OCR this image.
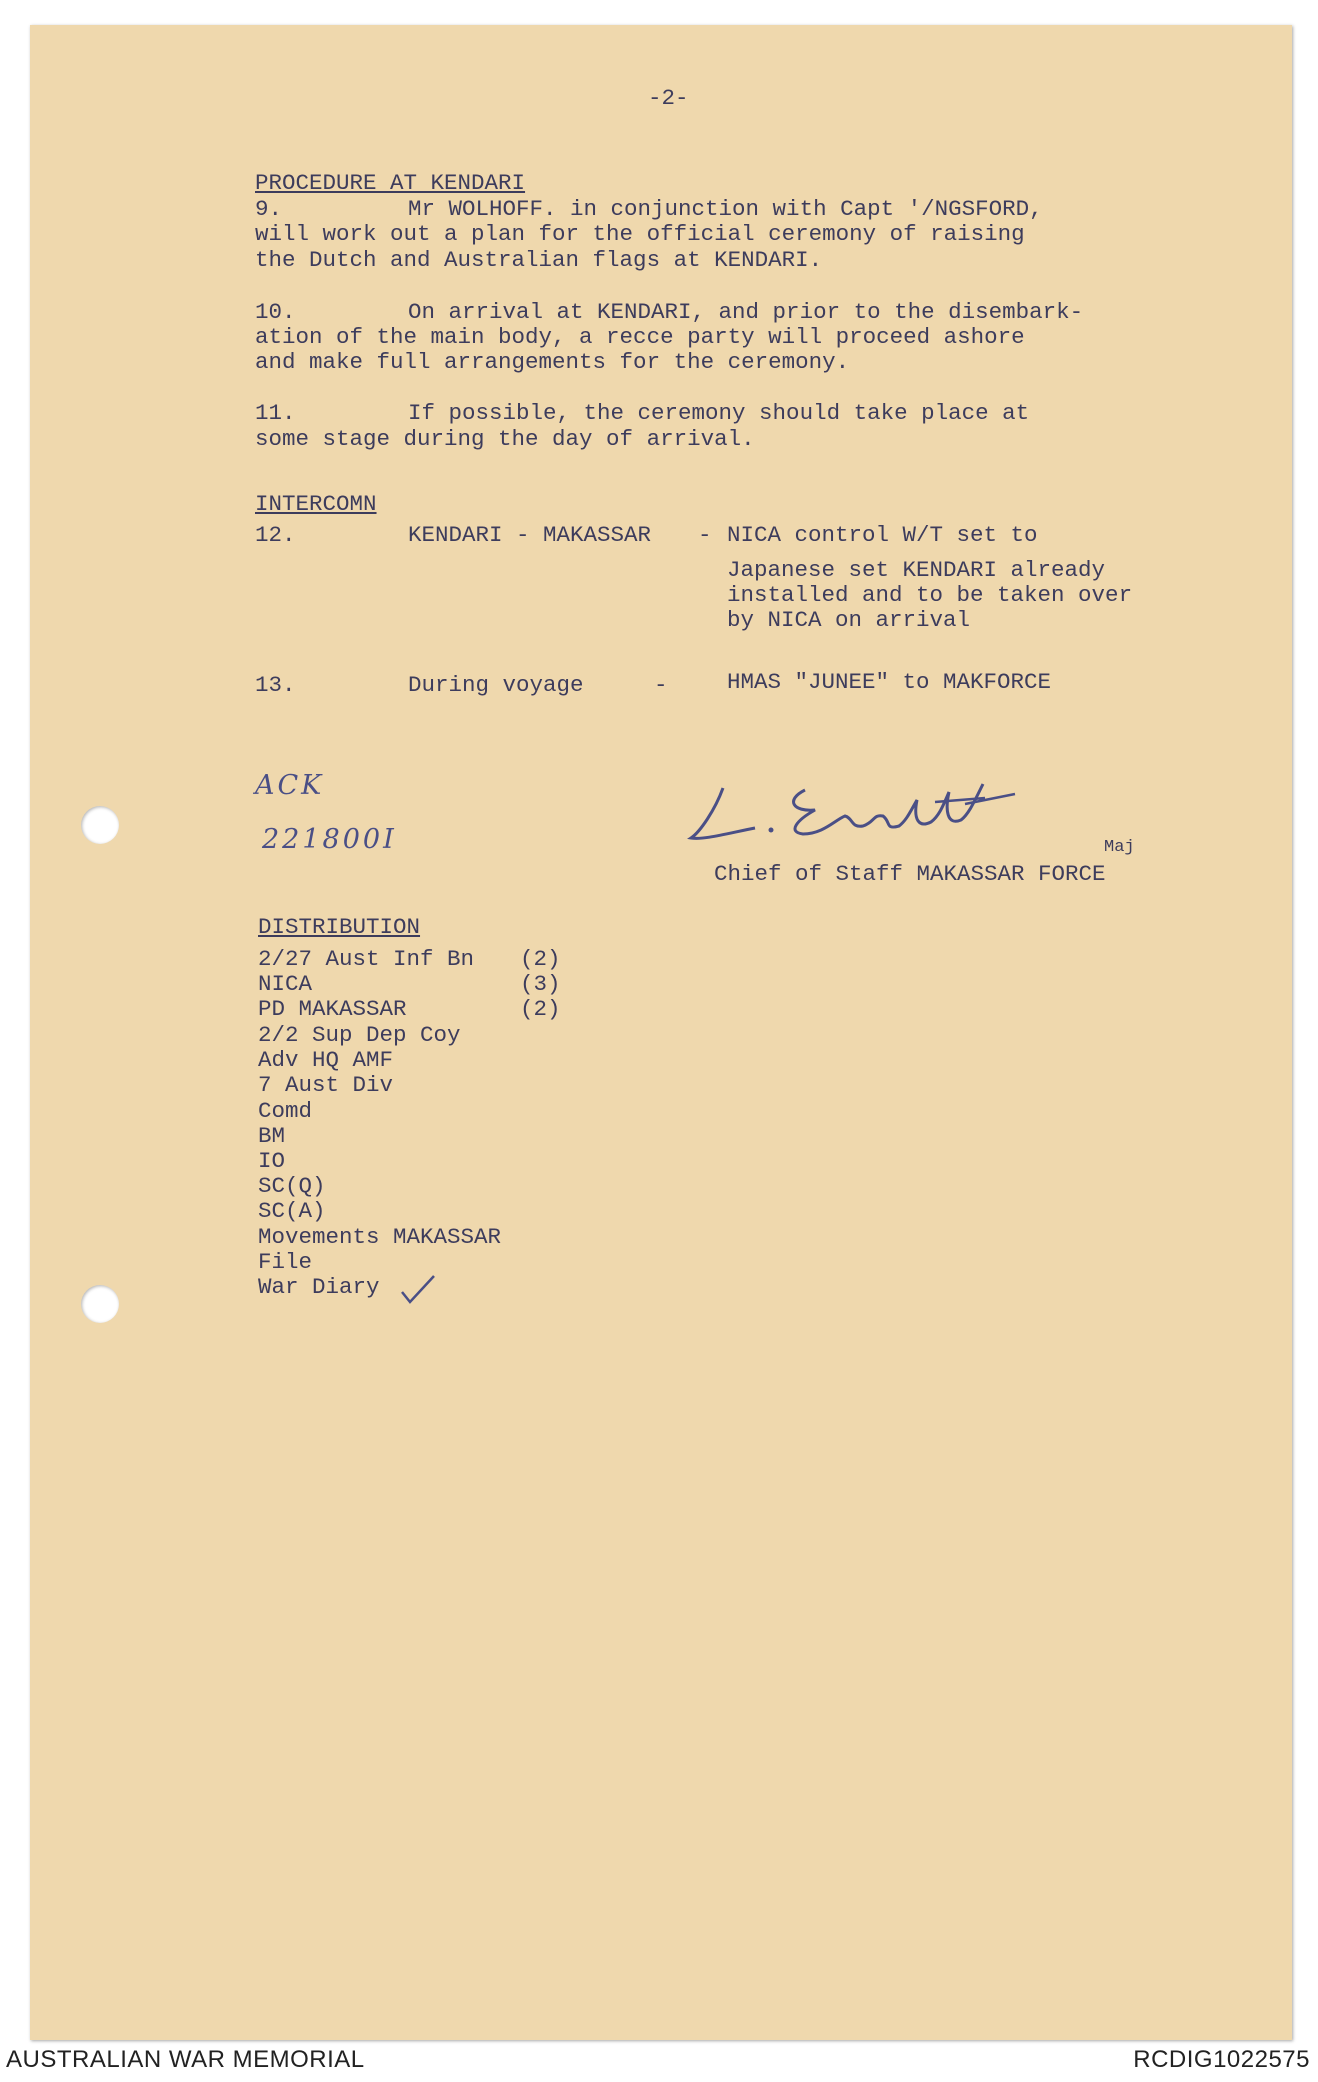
-2-
PROCEDURE AT KENDARI
9.	Mr WOLHOFF. in conjunction with Capt '/NGSFORD,
will work out a plan for the official ceremony of raising
the Dutch and Australian flags at KENDARI.
10.	On arrival at KENDARI, and prior to the disembark-
ation of the main body, a recce party will proceed ashore
and make full arrangements for the ceremony.
11.	If possible, the ceremony should take place at
some stage during the day of arrival.
INTERCOMN
12.	KENDARI - MAKASSAR - NICA control W/T set to
Japanese set KENDARI already
installed and to be taken over
by NICA on arrival
13.	During voyage	-	HMAS "JUNEE" to MAKFORCE
ACK
221800I	Maj
Chief of Staff MAKASSAR FORCE
DISTRIBUTION
2/27 Aust Inf Bn (2)
NICA	(3)
PD MAKASSAR	(2)
2/2 Sup Dep Coy
Adv HQ AMF
7 Aust Div
Comd
BM
IO
SC(Q)
SC(A)
Movements MAKASSAR
File
War Diary
AUSTRALIAN WAR MEMORIAL	RCDIG1022575
